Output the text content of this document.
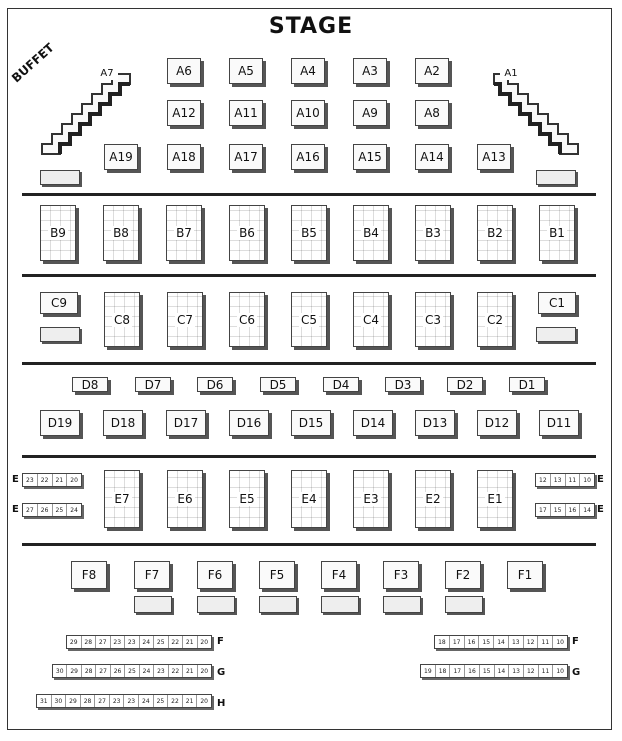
STAGE
BUFFET	A7	A1
E
E
E
E
F	F
G	G
H
A6	A5	A4	A3	A2
A12	A11	A10	A9	A8
A19	A18	A17	A16	A15	A14	A13
B9	B8	B7	B6	B5	B4	B3	B2	B1
C9
C8	C7	C6	C5	C4	C3	C2
C1
D8	D7	D6	D5	D4	D3	D2	D1
D19	D18	D17	D16	D15	D14	D13	D12	D11
E7	E6	E5	E4	E3	E2	E1
F8	F7	F6	F5	F4	F3	F2	F1
23	22	21	20
27	26	25	24
12	13	11	10
17	15	16	14
29	28	27	23	23	24	25	22	21	20	18	17	16	15	14	13	12	11	10
30	29	28	27	26	25	24	23	22	21	20	19	18	17	16	15	14	13	12	11	10
31	30	29	28	27	23	23	24	25	22	21	20
